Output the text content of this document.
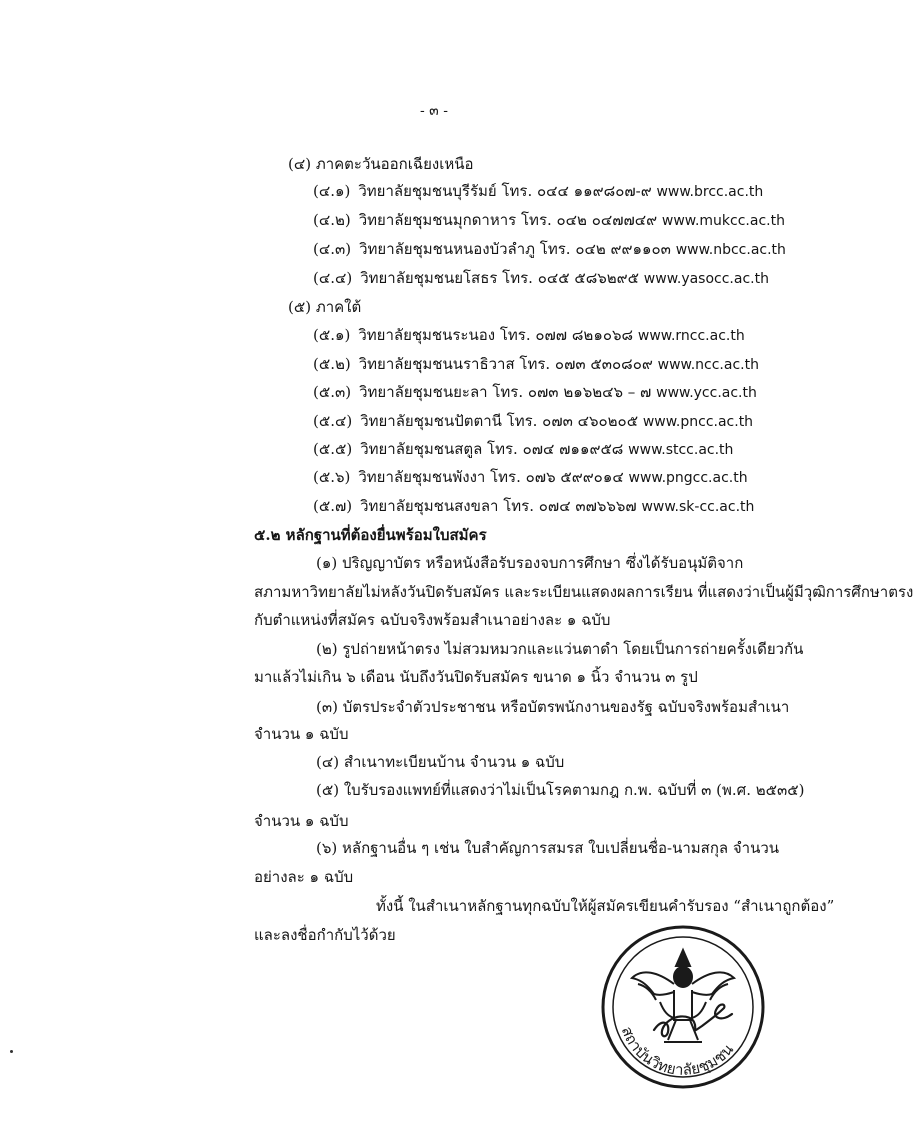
- ๓ -
(๔) ภาคตะวันออกเฉียงเหนือ
(๔.๑) วิทยาลัยชุมชนบุรีรัมย์ โทร. ๐๔๔ ๑๑๙๘๐๗-๙ www.brcc.ac.th
(๔.๒) วิทยาลัยชุมชนมุกดาหาร โทร. ๐๔๒ ๐๔๗๗๔๙ www.mukcc.ac.th
(๔.๓) วิทยาลัยชุมชนหนองบัวลำภู โทร. ๐๔๒ ๙๙๑๑๐๓ www.nbcc.ac.th
(๔.๔) วิทยาลัยชุมชนยโสธร โทร. ๐๔๕ ๕๘๖๒๙๕ www.yasocc.ac.th
(๕) ภาคใต้
(๕.๑) วิทยาลัยชุมชนระนอง โทร. ๐๗๗ ๘๒๑๐๖๘ www.rncc.ac.th
(๕.๒) วิทยาลัยชุมชนนราธิวาส โทร. ๐๗๓ ๕๓๐๘๐๙ www.ncc.ac.th
(๕.๓) วิทยาลัยชุมชนยะลา โทร. ๐๗๓ ๒๑๖๒๔๖ – ๗ www.ycc.ac.th
(๕.๔) วิทยาลัยชุมชนปัตตานี โทร. ๐๗๓ ๔๖๐๒๐๕ www.pncc.ac.th
(๕.๕) วิทยาลัยชุมชนสตูล โทร. ๐๗๔ ๗๑๑๙๕๘ www.stcc.ac.th
(๕.๖) วิทยาลัยชุมชนพังงา โทร. ๐๗๖ ๕๙๙๐๑๔ www.pngcc.ac.th
(๕.๗) วิทยาลัยชุมชนสงขลา โทร. ๐๗๔ ๓๗๖๖๖๗ www.sk-cc.ac.th
๕.๒ หลักฐานที่ต้องยื่นพร้อมใบสมัคร
(๑) ปริญญาบัตร หรือหนังสือรับรองจบการศึกษา ซึ่งได้รับอนุมัติจาก
สภามหาวิทยาลัยไม่หลังวันปิดรับสมัคร และระเบียนแสดงผลการเรียน ที่แสดงว่าเป็นผู้มีวุฒิการศึกษาตรง
กับตำแหน่งที่สมัคร ฉบับจริงพร้อมสำเนาอย่างละ ๑ ฉบับ
(๒) รูปถ่ายหน้าตรง ไม่สวมหมวกและแว่นตาดำ โดยเป็นการถ่ายครั้งเดียวกัน
มาแล้วไม่เกิน ๖ เดือน นับถึงวันปิดรับสมัคร ขนาด ๑ นิ้ว จำนวน ๓ รูป
(๓) บัตรประจำตัวประชาชน หรือบัตรพนักงานของรัฐ ฉบับจริงพร้อมสำเนา
จำนวน ๑ ฉบับ
(๔) สำเนาทะเบียนบ้าน จำนวน ๑ ฉบับ
(๕) ใบรับรองแพทย์ที่แสดงว่าไม่เป็นโรคตามกฎ ก.พ. ฉบับที่ ๓ (พ.ศ. ๒๕๓๕)
จำนวน ๑ ฉบับ
(๖) หลักฐานอื่น ๆ เช่น ใบสำคัญการสมรส ใบเปลี่ยนชื่อ-นามสกุล จำนวน
อย่างละ ๑ ฉบับ
ทั้งนี้ ในสำเนาหลักฐานทุกฉบับให้ผู้สมัครเขียนคำรับรอง “สำเนาถูกต้อง”
และลงชื่อกำกับไว้ด้วย
สถาบันวิทยาลัยชุมชน
